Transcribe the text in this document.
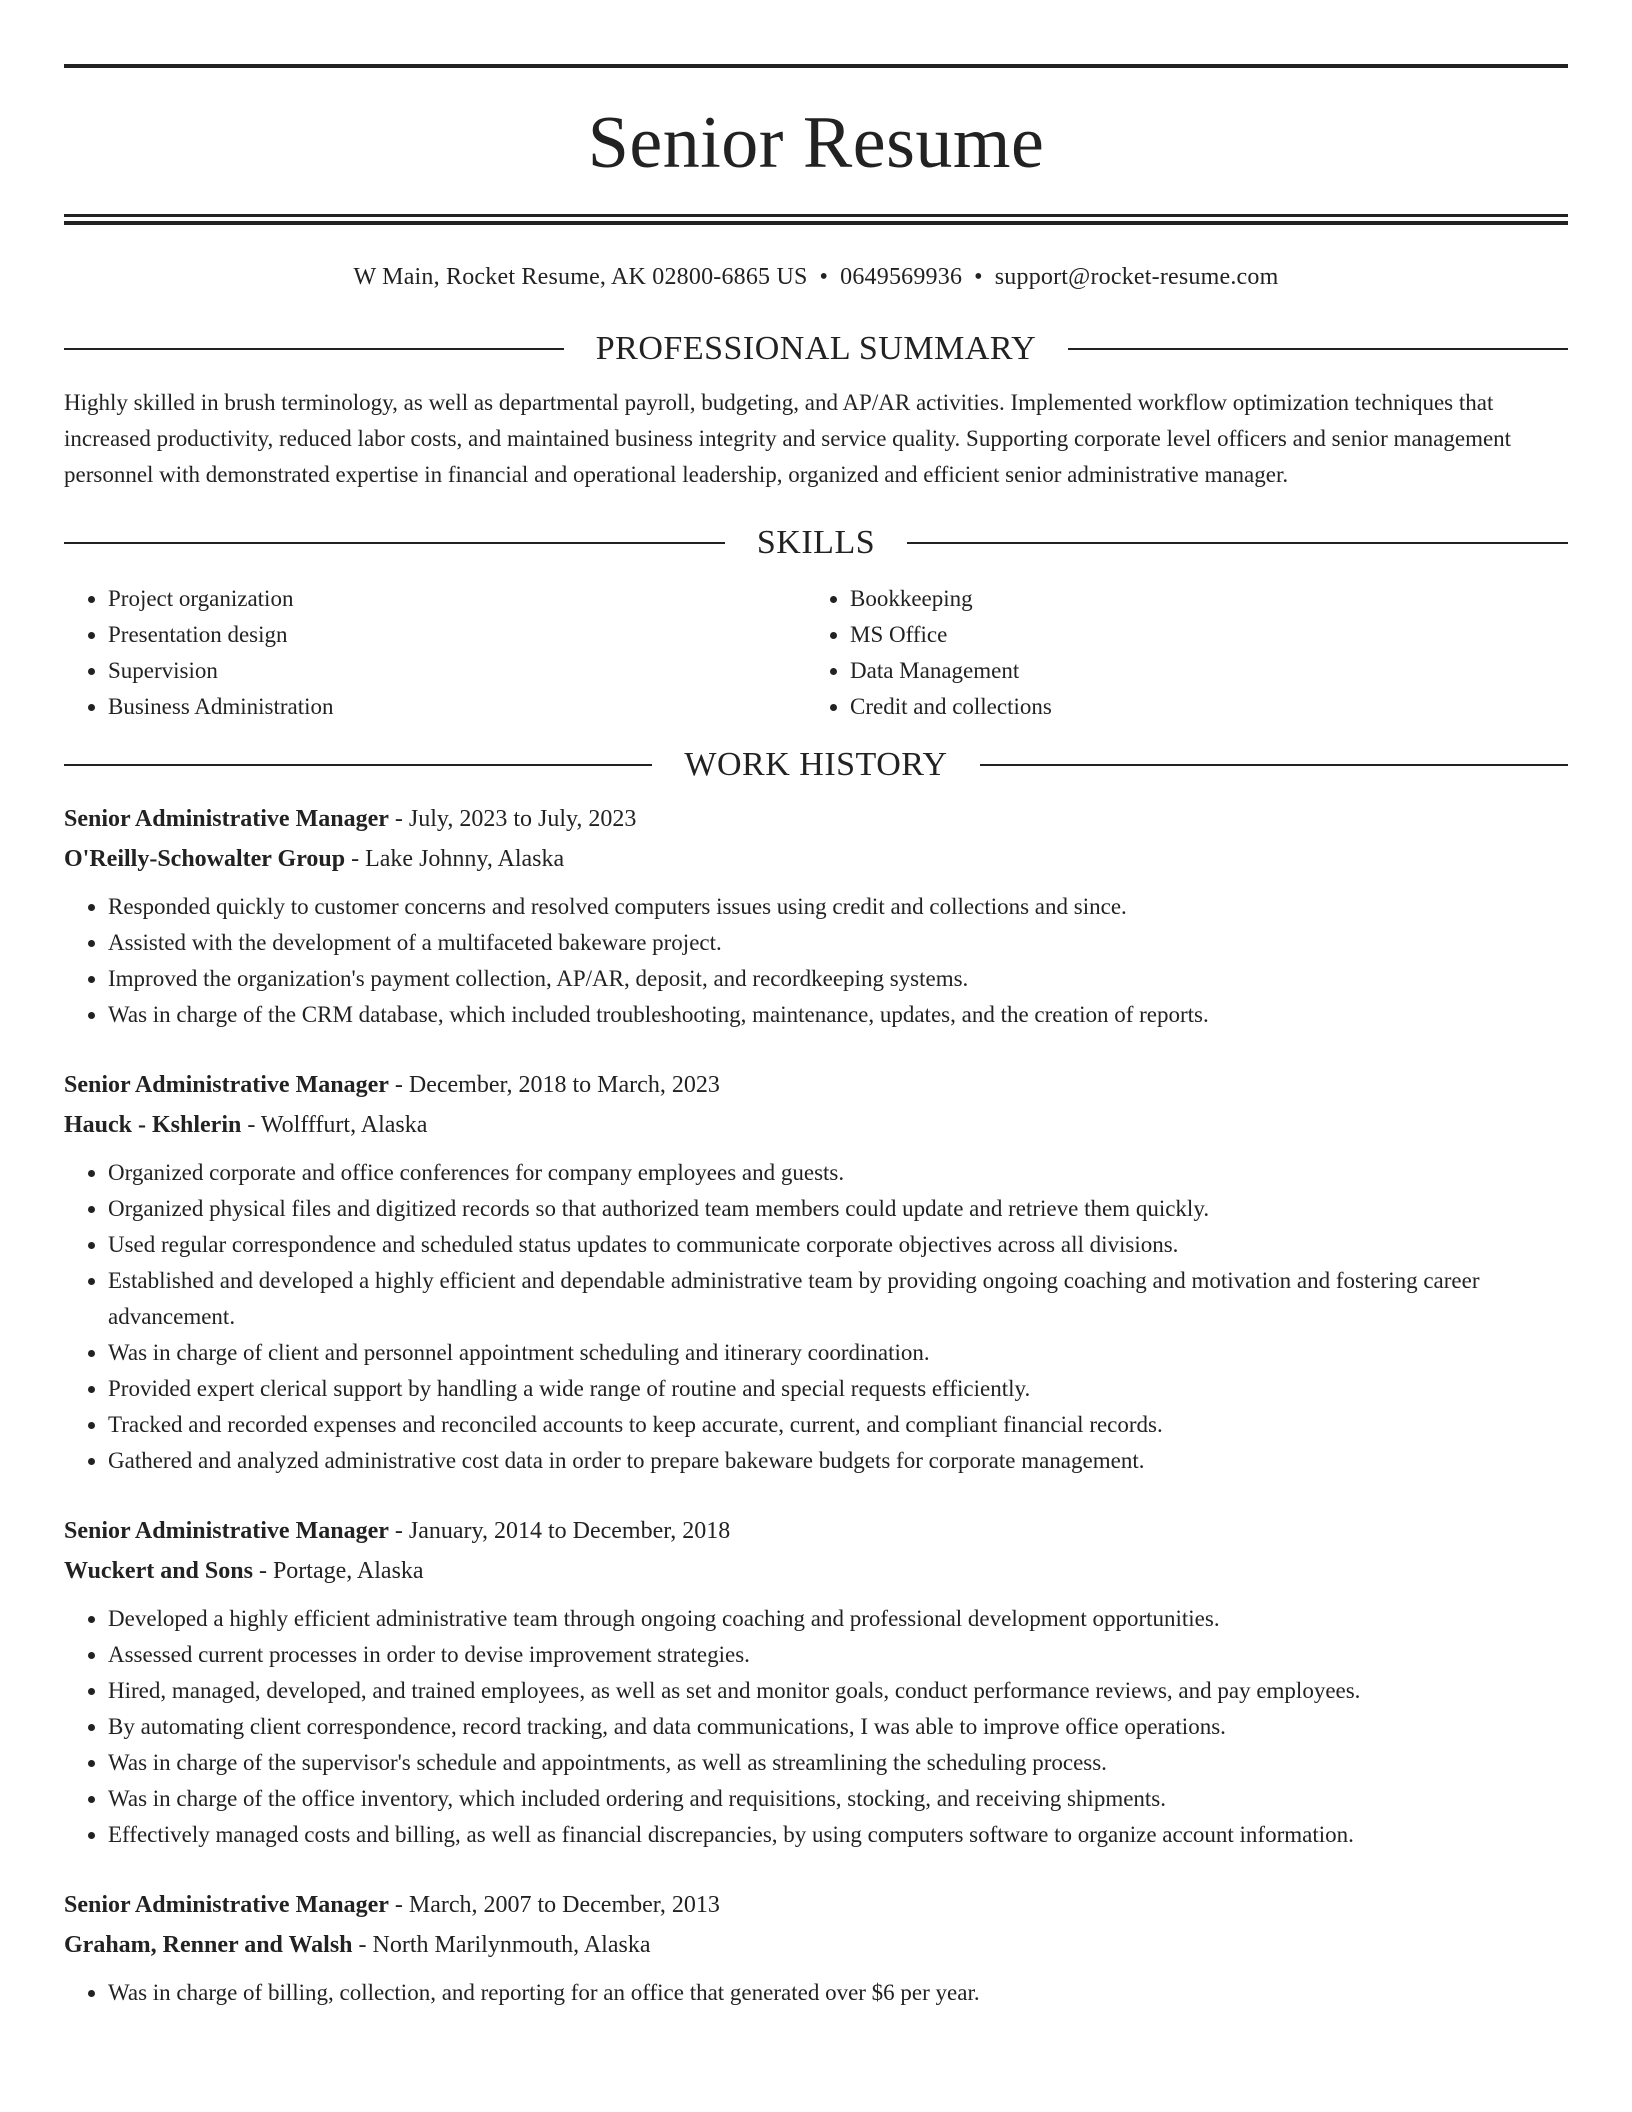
Senior Resume
W Main, Rocket Resume, AK 02800-6865 US • 0649569936 • support@rocket-resume.com
PROFESSIONAL SUMMARY
Highly skilled in brush terminology, as well as departmental payroll, budgeting, and AP/AR activities. Implemented workflow optimization techniques that increased productivity, reduced labor costs, and maintained business integrity and service quality. Supporting corporate level officers and senior management personnel with demonstrated expertise in financial and operational leadership, organized and efficient senior administrative manager.
SKILLS
• Project organization
• Presentation design
• Supervision
• Business Administration
• Bookkeeping
• MS Office
• Data Management
• Credit and collections
WORK HISTORY
Senior Administrative Manager - July, 2023 to July, 2023
O'Reilly-Schowalter Group - Lake Johnny, Alaska
• Responded quickly to customer concerns and resolved computers issues using credit and collections and since.
• Assisted with the development of a multifaceted bakeware project.
• Improved the organization's payment collection, AP/AR, deposit, and recordkeeping systems.
• Was in charge of the CRM database, which included troubleshooting, maintenance, updates, and the creation of reports.
Senior Administrative Manager - December, 2018 to March, 2023
Hauck - Kshlerin - Wolfffurt, Alaska
• Organized corporate and office conferences for company employees and guests.
• Organized physical files and digitized records so that authorized team members could update and retrieve them quickly.
• Used regular correspondence and scheduled status updates to communicate corporate objectives across all divisions.
• Established and developed a highly efficient and dependable administrative team by providing ongoing coaching and motivation and fostering career advancement.
• Was in charge of client and personnel appointment scheduling and itinerary coordination.
• Provided expert clerical support by handling a wide range of routine and special requests efficiently.
• Tracked and recorded expenses and reconciled accounts to keep accurate, current, and compliant financial records.
• Gathered and analyzed administrative cost data in order to prepare bakeware budgets for corporate management.
Senior Administrative Manager - January, 2014 to December, 2018
Wuckert and Sons - Portage, Alaska
• Developed a highly efficient administrative team through ongoing coaching and professional development opportunities.
• Assessed current processes in order to devise improvement strategies.
• Hired, managed, developed, and trained employees, as well as set and monitor goals, conduct performance reviews, and pay employees.
• By automating client correspondence, record tracking, and data communications, I was able to improve office operations.
• Was in charge of the supervisor's schedule and appointments, as well as streamlining the scheduling process.
• Was in charge of the office inventory, which included ordering and requisitions, stocking, and receiving shipments.
• Effectively managed costs and billing, as well as financial discrepancies, by using computers software to organize account information.
Senior Administrative Manager - March, 2007 to December, 2013
Graham, Renner and Walsh - North Marilynmouth, Alaska
• Was in charge of billing, collection, and reporting for an office that generated over $6 per year.
